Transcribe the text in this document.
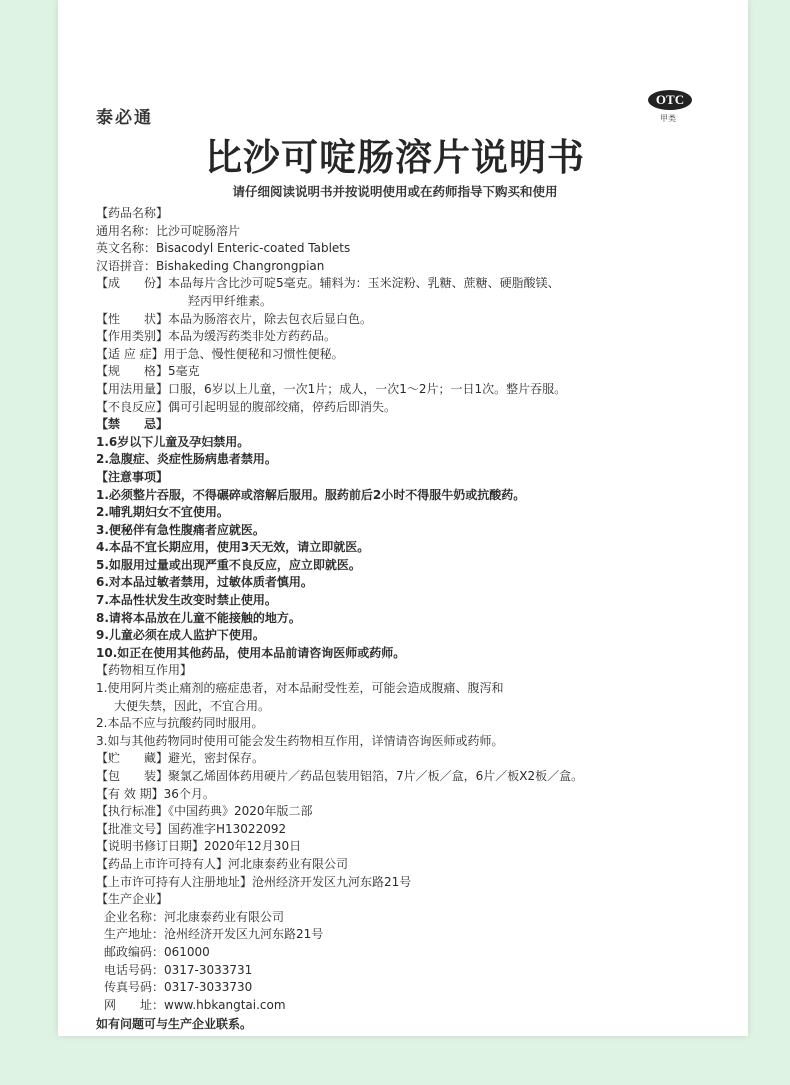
泰必通
OTC
甲类
比沙可啶肠溶片说明书
请仔细阅读说明书并按说明使用或在药师指导下购买和使用
【药品名称】
通用名称：比沙可啶肠溶片
英文名称：Bisacodyl Enteric-coated Tablets
汉语拼音：Bishakeding Changrongpian
【成　　份】本品每片含比沙可啶5毫克。辅料为：玉米淀粉、乳糖、蔗糖、硬脂酸镁、
羟丙甲纤维素。
【性　　状】本品为肠溶衣片，除去包衣后显白色。
【作用类别】本品为缓泻药类非处方药药品。
【适 应 症】用于急、慢性便秘和习惯性便秘。
【规　　格】5毫克
【用法用量】口服，6岁以上儿童，一次1片；成人，一次1～2片；一日1次。整片吞服。
【不良反应】偶可引起明显的腹部绞痛，停药后即消失。
【禁　　忌】
1.6岁以下儿童及孕妇禁用。
2.急腹症、炎症性肠病患者禁用。
【注意事项】
1.必须整片吞服，不得碾碎或溶解后服用。服药前后2小时不得服牛奶或抗酸药。
2.哺乳期妇女不宜使用。
3.便秘伴有急性腹痛者应就医。
4.本品不宜长期应用，使用3天无效，请立即就医。
5.如服用过量或出现严重不良反应，应立即就医。
6.对本品过敏者禁用，过敏体质者慎用。
7.本品性状发生改变时禁止使用。
8.请将本品放在儿童不能接触的地方。
9.儿童必须在成人监护下使用。
10.如正在使用其他药品，使用本品前请咨询医师或药师。
【药物相互作用】
1.使用阿片类止痛剂的癌症患者，对本品耐受性差，可能会造成腹痛、腹泻和
大便失禁，因此，不宜合用。
2.本品不应与抗酸药同时服用。
3.如与其他药物同时使用可能会发生药物相互作用，详情请咨询医师或药师。
【贮　　藏】避光，密封保存。
【包　　装】聚氯乙烯固体药用硬片／药品包装用铝箔，7片／板／盒，6片／板X2板／盒。
【有 效 期】36个月。
【执行标准】《中国药典》2020年版二部
【批准文号】国药准字H13022092
【说明书修订日期】2020年12月30日
【药品上市许可持有人】河北康泰药业有限公司
【上市许可持有人注册地址】沧州经济开发区九河东路21号
【生产企业】
企业名称：河北康泰药业有限公司
生产地址：沧州经济开发区九河东路21号
邮政编码：061000
电话号码：0317-3033731
传真号码：0317-3033730
网　　址：www.hbkangtai.com
如有问题可与生产企业联系。
